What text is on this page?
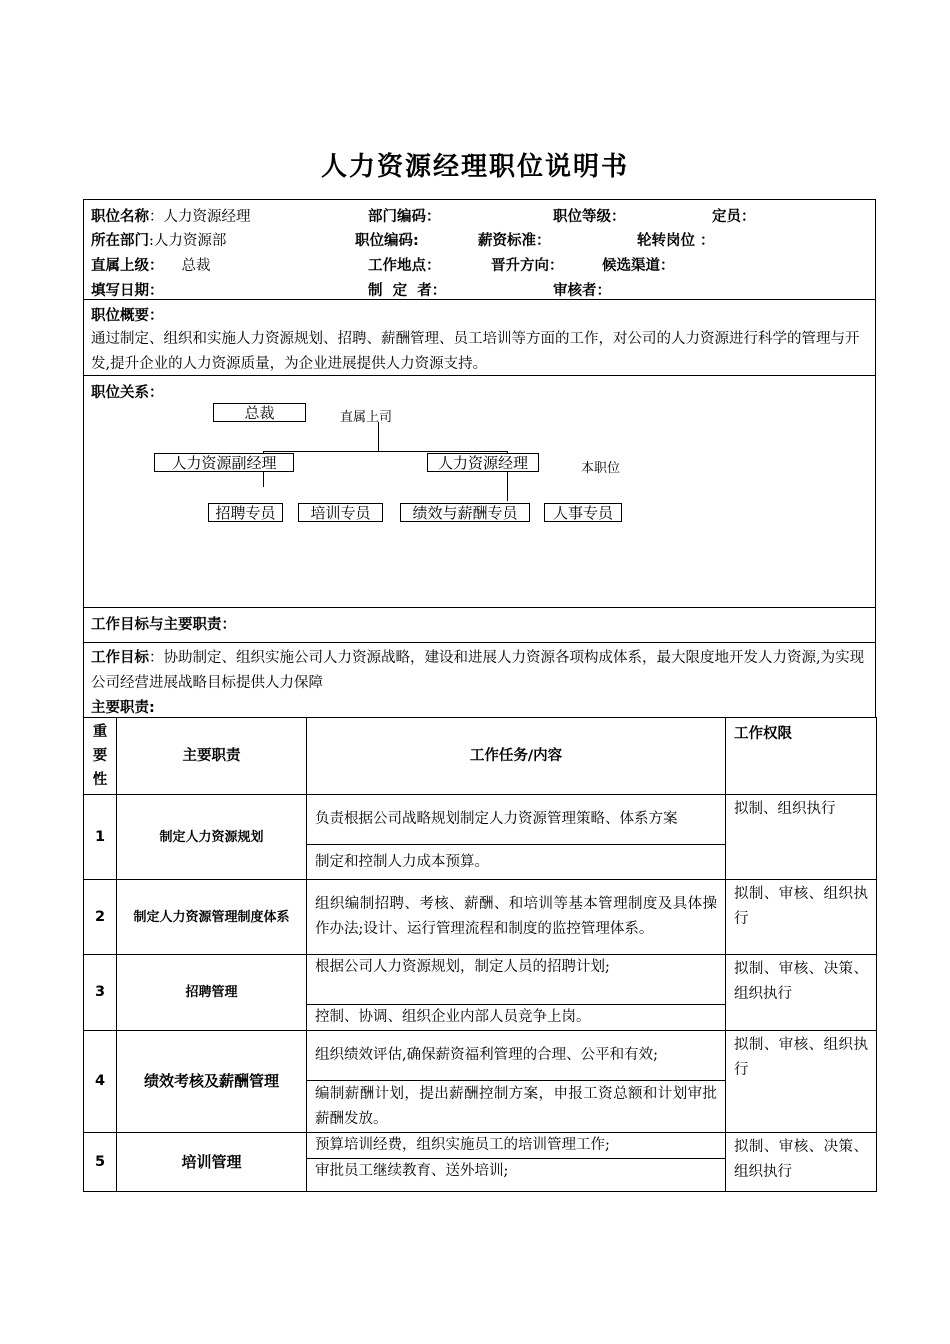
人力资源经理职位说明书
职位名称：人力资源经理	部门编码：	职位等级：	定员：
所在部门:人力资源部	职位编码:	薪资标准：	轮转岗位 ：
直属上级： 总裁	工作地点：	晋升方向：	候选渠道：
填写日期：	制  定  者：	审核者：
职位概要：
通过制定、组织和实施人力资源规划、招聘、薪酬管理、员工培训等方面的工作，对公司的人力资源进行科学的管理与开发,提升企业的人力资源质量，为企业进展提供人力资源支持。
职位关系：
总裁	直属上司
人力资源副经理	人力资源经理	本职位
招聘专员	培训专员	绩效与薪酬专员	人事专员
工作目标与主要职责：
工作目标：协助制定、组织实施公司人力资源战略，建设和进展人力资源各项构成体系，最大限度地开发人力资源,为实现公司经营进展战略目标提供人力保障
主要职责:
重要性	主要职责	工作任务/内容	工作权限
1	制定人力资源规划	负责根据公司战略规划制定人力资源管理策略、体系方案	拟制、组织执行
		制定和控制人力成本预算。	
2	制定人力资源管理制度体系	组织编制招聘、考核、薪酬、和培训等基本管理制度及具体操作办法;设计、运行管理流程和制度的监控管理体系。	拟制、审核、组织执行
3	招聘管理	根据公司人力资源规划，制定人员的招聘计划;	拟制、审核、决策、组织执行
		控制、协调、组织企业内部人员竞争上岗。	
4	绩效考核及薪酬管理	组织绩效评估,确保薪资福利管理的合理、公平和有效;	拟制、审核、组织执行
		编制薪酬计划，提出薪酬控制方案，申报工资总额和计划审批薪酬发放。	
5	培训管理	预算培训经费，组织实施员工的培训管理工作;	拟制、审核、决策、组织执行
		审批员工继续教育、送外培训;	
